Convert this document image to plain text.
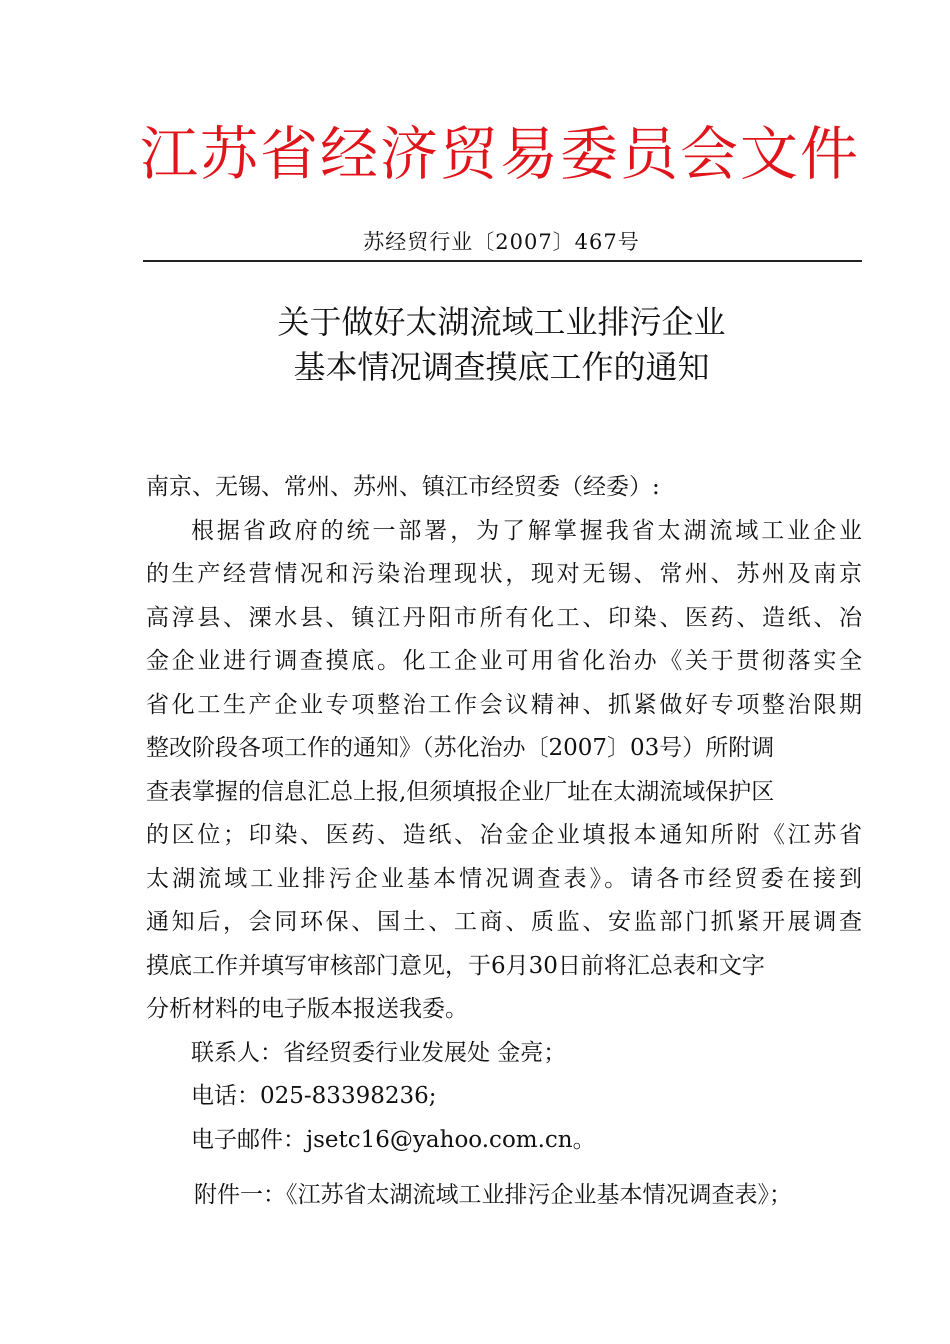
江苏省经济贸易委员会文件
苏经贸行业〔2007〕467号
关于做好太湖流域工业排污企业
基本情况调查摸底工作的通知
南京、无锡、常州、苏州、镇江市经贸委（经委）:
根据省政府的统一部署，为了解掌握我省太湖流域工业企业
的生产经营情况和污染治理现状，现对无锡、常州、苏州及南京
高淳县、溧水县、镇江丹阳市所有化工、印染、医药、造纸、冶
金企业进行调查摸底。化工企业可用省化治办《关于贯彻落实全
省化工生产企业专项整治工作会议精神、抓紧做好专项整治限期
整改阶段各项工作的通知》（苏化治办〔2007〕03号）所附调
查表掌握的信息汇总上报,但须填报企业厂址在太湖流域保护区
的区位；印染、医药、造纸、冶金企业填报本通知所附《江苏省
太湖流域工业排污企业基本情况调查表》。请各市经贸委在接到
通知后，会同环保、国土、工商、质监、安监部门抓紧开展调查
摸底工作并填写审核部门意见，于6月30日前将汇总表和文字
分析材料的电子版本报送我委。
联系人：省经贸委行业发展处 金亮；
电话：025-83398236;
电子邮件：jsetc16@yahoo.com.cn。
附件一：《江苏省太湖流域工业排污企业基本情况调查表》；
